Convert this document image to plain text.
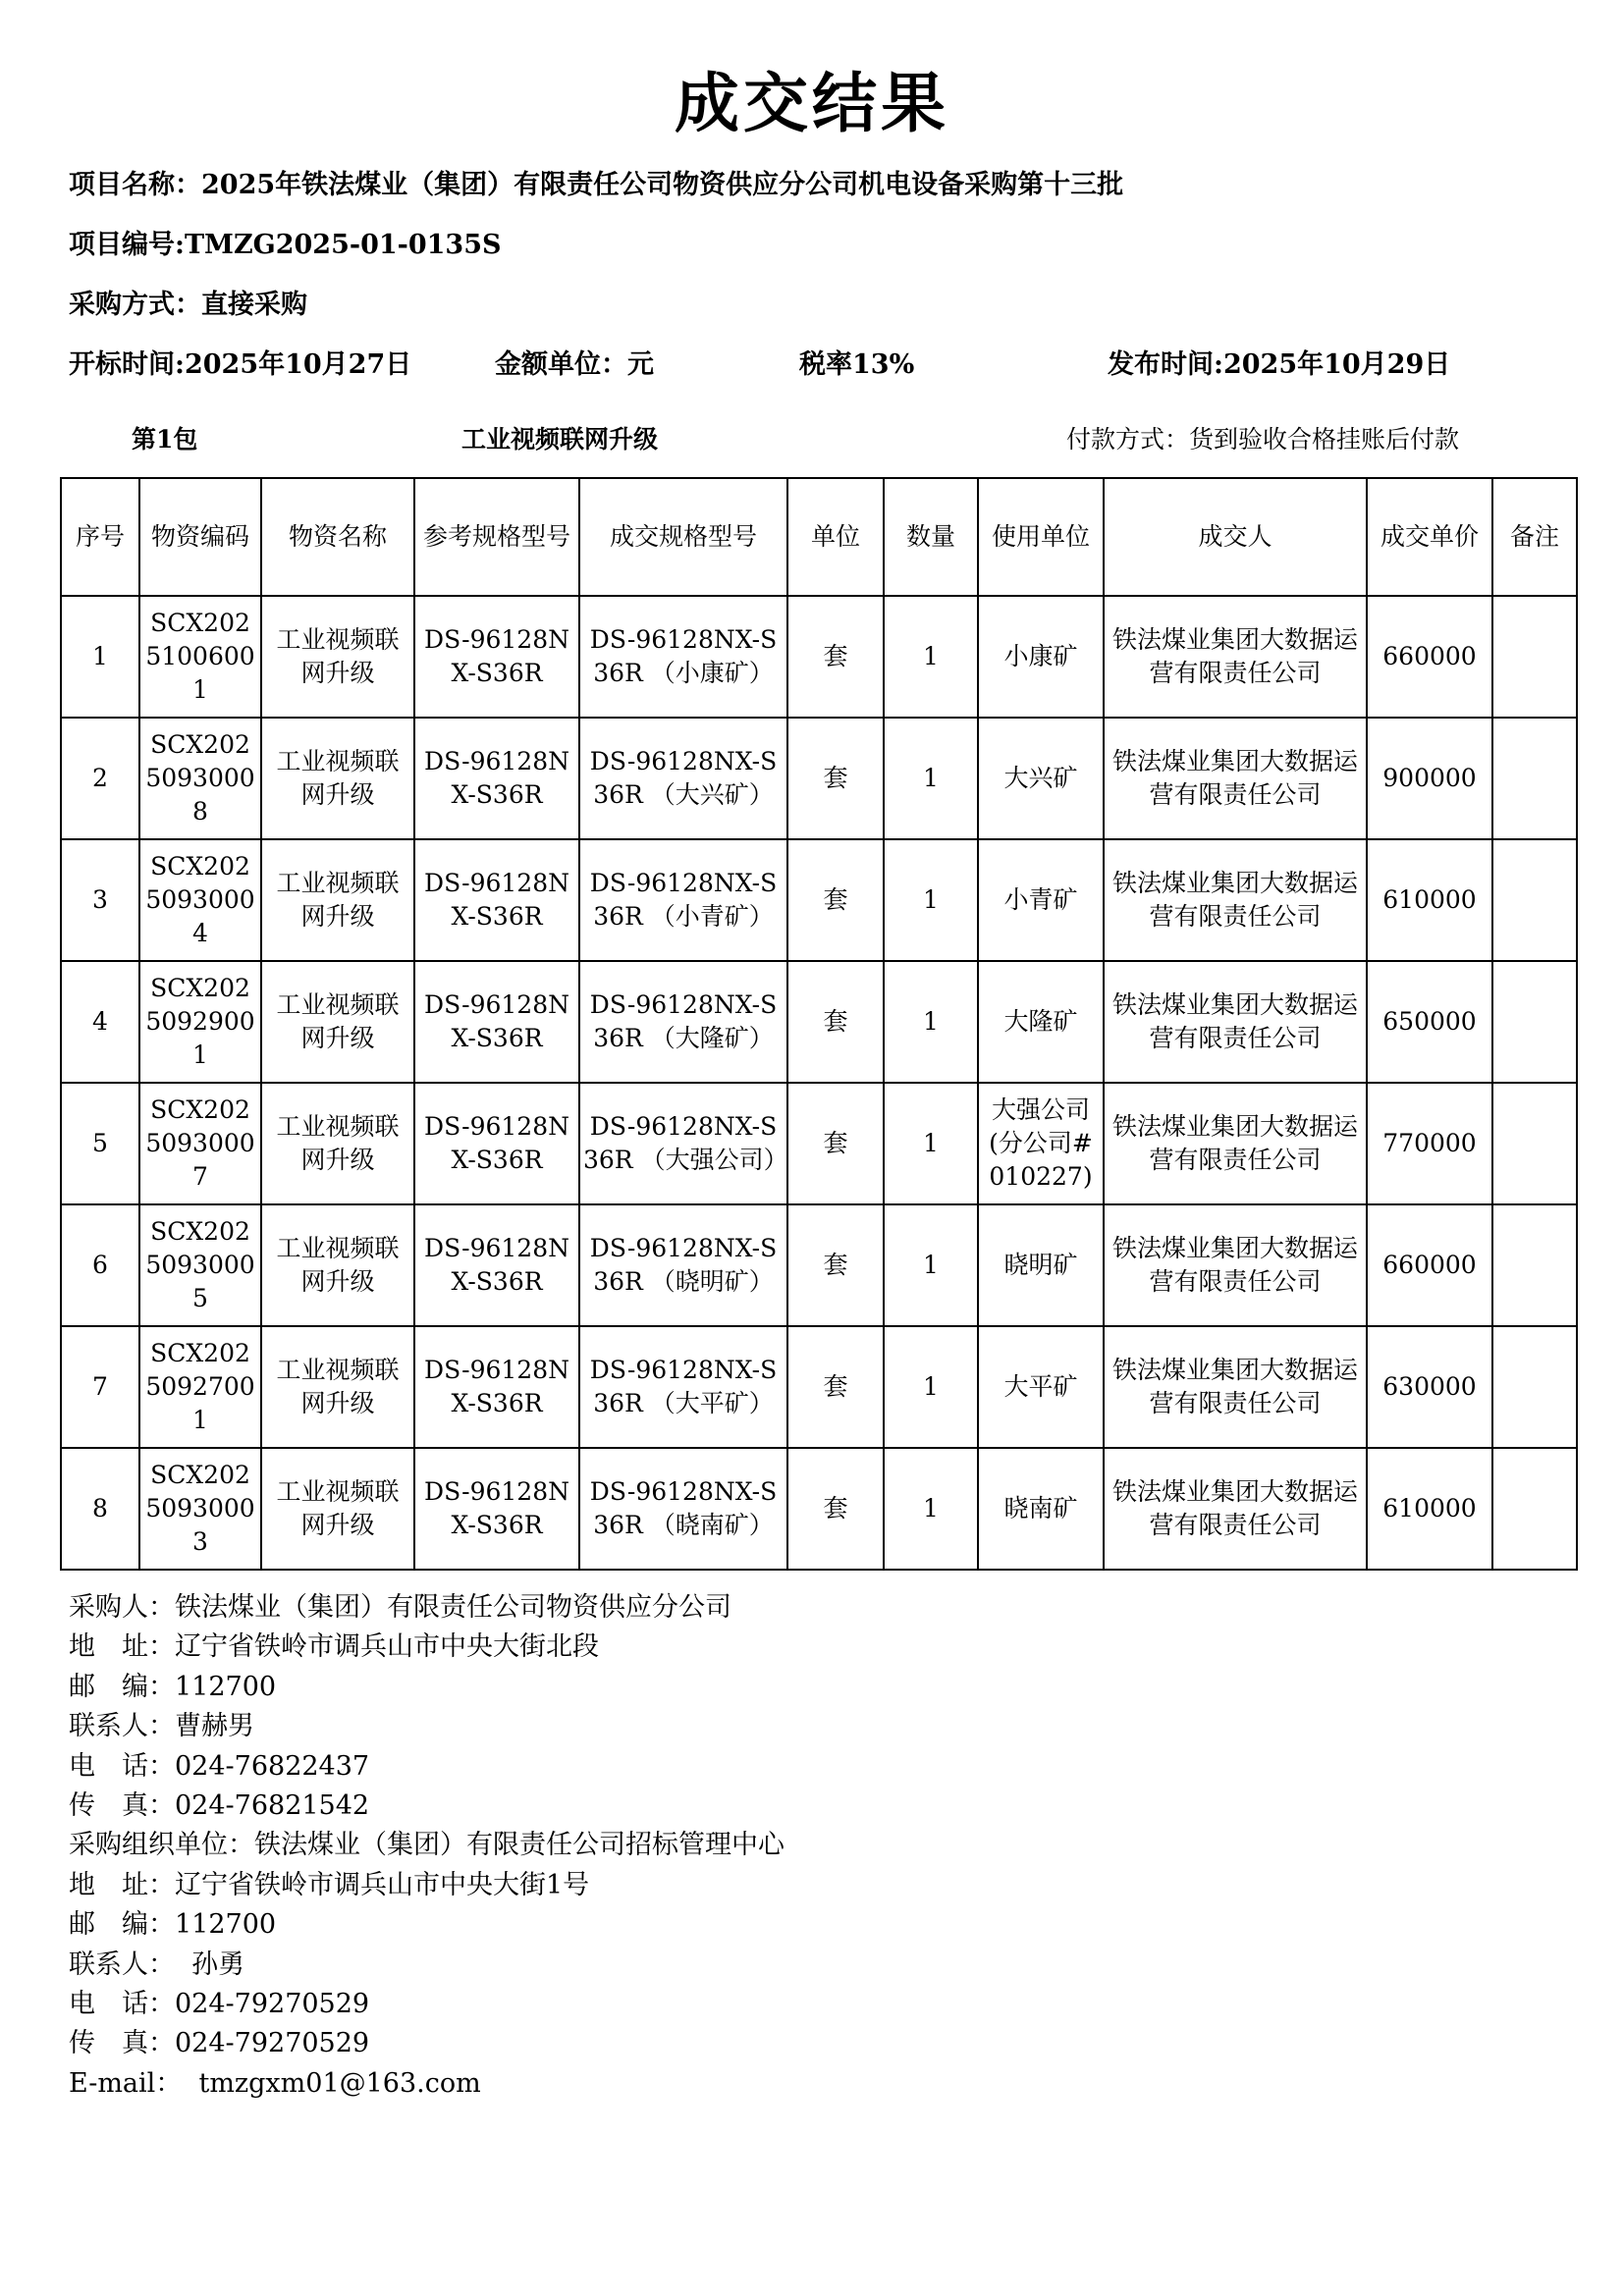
成交结果
项目名称：2025年铁法煤业（集团）有限责任公司物资供应分公司机电设备采购第十三批
项目编号:TMZG2025-01-0135S
采购方式：直接采购
开标时间:2025年10月27日	金额单位：元	税率13%	发布时间:2025年10月29日
第1包	工业视频联网升级	付款方式：货到验收合格挂账后付款
序号	物资编码	物资名称	参考规格型号	成交规格型号	单位	数量	使用单位	成交人	成交单价	备注
1	SCX20251006001	工业视频联网升级	DS-96128NX-S36R	DS-96128NX-S36R （小康矿）	套	1	小康矿	铁法煤业集团大数据运营有限责任公司	660000	
2	SCX20250930008	工业视频联网升级	DS-96128NX-S36R	DS-96128NX-S36R （大兴矿）	套	1	大兴矿	铁法煤业集团大数据运营有限责任公司	900000	
3	SCX20250930004	工业视频联网升级	DS-96128NX-S36R	DS-96128NX-S36R （小青矿）	套	1	小青矿	铁法煤业集团大数据运营有限责任公司	610000	
4	SCX20250929001	工业视频联网升级	DS-96128NX-S36R	DS-96128NX-S36R （大隆矿）	套	1	大隆矿	铁法煤业集团大数据运营有限责任公司	650000	
5	SCX20250930007	工业视频联网升级	DS-96128NX-S36R	DS-96128NX-S36R （大强公司）	套	1	大强公司(分公司#010227)	铁法煤业集团大数据运营有限责任公司	770000	
6	SCX20250930005	工业视频联网升级	DS-96128NX-S36R	DS-96128NX-S36R （晓明矿）	套	1	晓明矿	铁法煤业集团大数据运营有限责任公司	660000	
7	SCX20250927001	工业视频联网升级	DS-96128NX-S36R	DS-96128NX-S36R （大平矿）	套	1	大平矿	铁法煤业集团大数据运营有限责任公司	630000	
8	SCX20250930003	工业视频联网升级	DS-96128NX-S36R	DS-96128NX-S36R （晓南矿）	套	1	晓南矿	铁法煤业集团大数据运营有限责任公司	610000	
采购人：铁法煤业（集团）有限责任公司物资供应分公司
地　址：辽宁省铁岭市调兵山市中央大街北段
邮　编：112700
联系人：曹赫男
电　话：024-76822437
传　真：024-76821542
采购组织单位：铁法煤业（集团）有限责任公司招标管理中心
地　址：辽宁省铁岭市调兵山市中央大街1号
邮　编：112700
联系人：  孙勇
电　话：024-79270529
传　真：024-79270529
E-mail：  tmzgxm01@163.com
